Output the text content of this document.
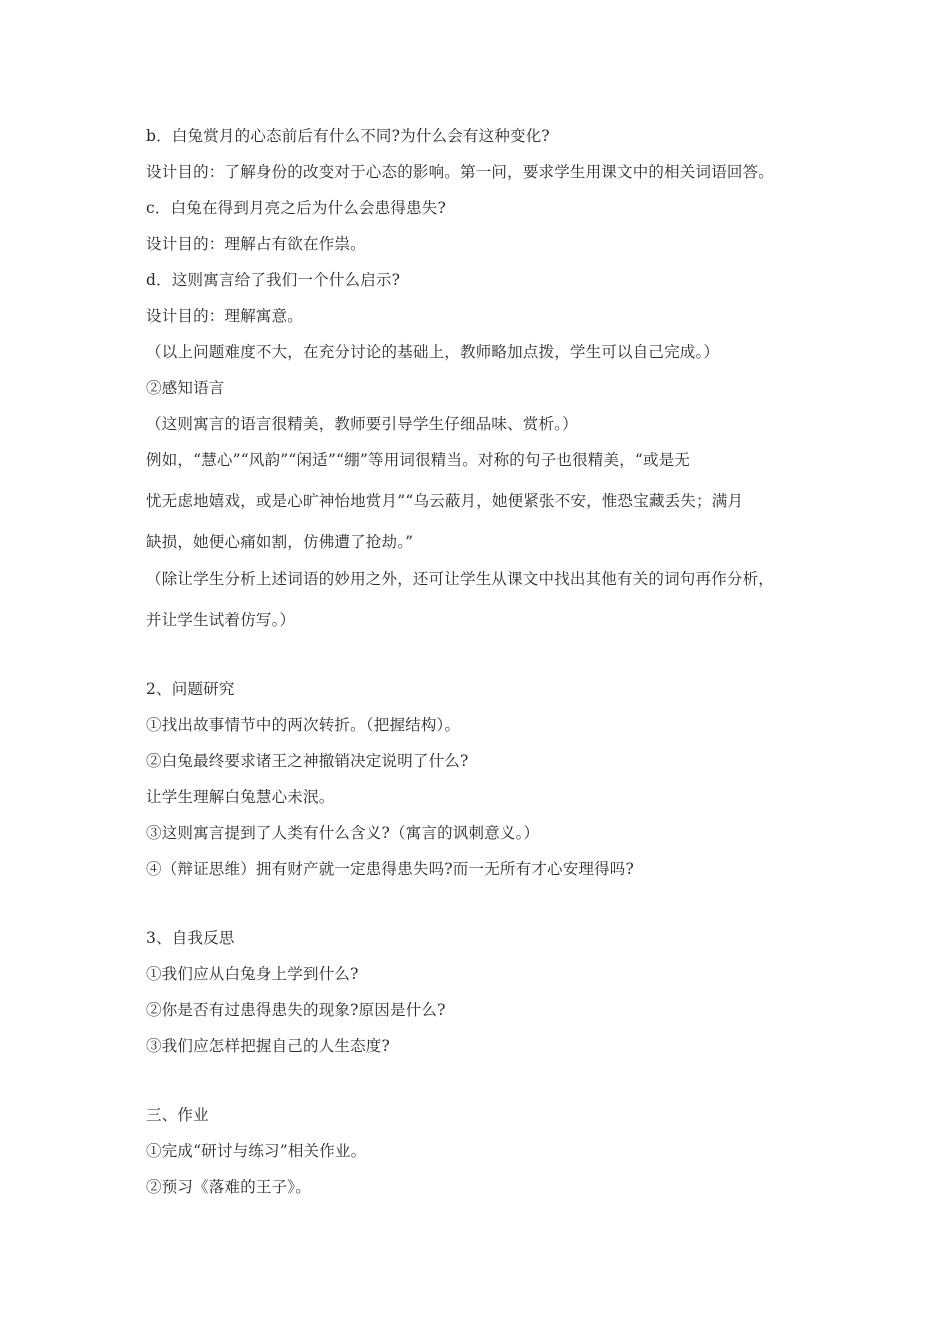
b．白兔赏月的心态前后有什么不同?为什么会有这种变化?
设计目的：了解身份的改变对于心态的影响。第一问，要求学生用课文中的相关词语回答。
c．白兔在得到月亮之后为什么会患得患失?
设计目的：理解占有欲在作祟。
d．这则寓言给了我们一个什么启示?
设计目的：理解寓意。
（以上问题难度不大，在充分讨论的基础上，教师略加点拨，学生可以自己完成。）
②感知语言
（这则寓言的语言很精美，教师要引导学生仔细品味、赏析。）
例如，“慧心”“风韵”“闲适”“绷”等用词很精当。对称的句子也很精美，“或是无
忧无虑地嬉戏，或是心旷神怡地赏月”“乌云蔽月，她便紧张不安，惟恐宝藏丢失；满月
缺损，她便心痛如割，仿佛遭了抢劫。”
（除让学生分析上述词语的妙用之外，还可让学生从课文中找出其他有关的词句再作分析，
并让学生试着仿写。）
2、问题研究
①找出故事情节中的两次转折。（把握结构）。
②白兔最终要求诸王之神撤销决定说明了什么?
让学生理解白兔慧心未泯。
③这则寓言提到了人类有什么含义?（寓言的讽刺意义。）
④（辩证思维）拥有财产就一定患得患失吗?而一无所有才心安理得吗?
3、自我反思
①我们应从白兔身上学到什么?
②你是否有过患得患失的现象?原因是什么?
③我们应怎样把握自己的人生态度?
三、作业
①完成“研讨与练习”相关作业。
②预习《落难的王子》。
